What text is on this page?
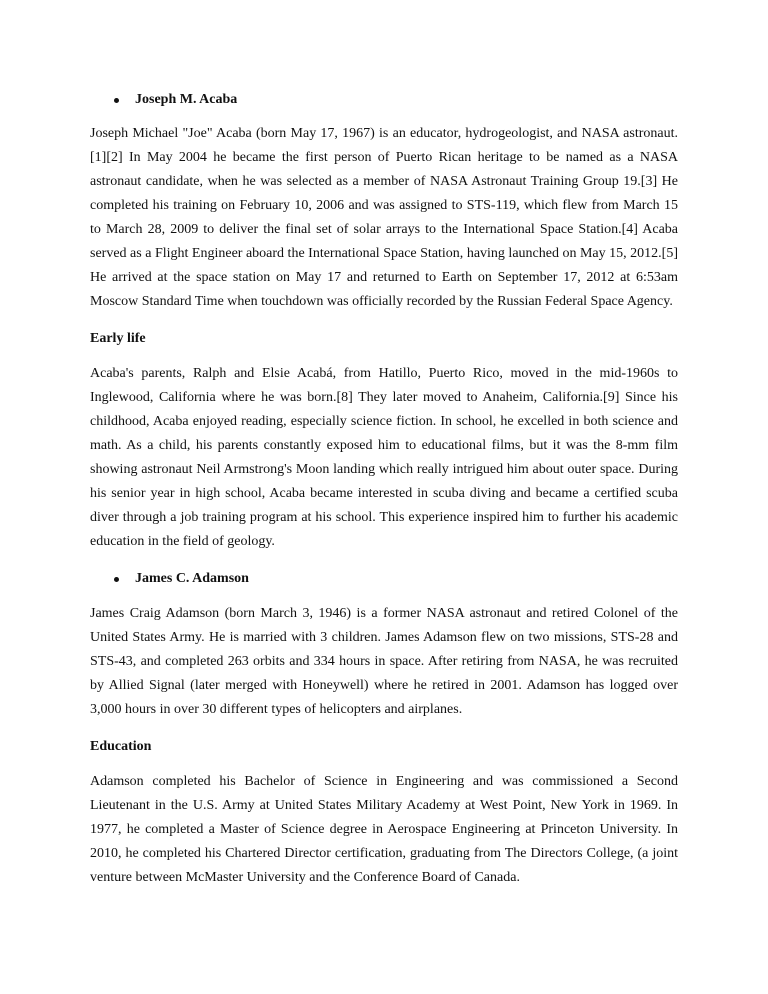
Joseph M. Acaba
Joseph Michael "Joe" Acaba (born May 17, 1967) is an educator, hydrogeologist, and NASA astronaut.[1][2] In May 2004 he became the first person of Puerto Rican heritage to be named as a NASA astronaut candidate, when he was selected as a member of NASA Astronaut Training Group 19.[3] He completed his training on February 10, 2006 and was assigned to STS-119, which flew from March 15 to March 28, 2009 to deliver the final set of solar arrays to the International Space Station.[4] Acaba served as a Flight Engineer aboard the International Space Station, having launched on May 15, 2012.[5] He arrived at the space station on May 17 and returned to Earth on September 17, 2012 at 6:53am Moscow Standard Time when touchdown was officially recorded by the Russian Federal Space Agency.
Early life
Acaba's parents, Ralph and Elsie Acabá, from Hatillo, Puerto Rico, moved in the mid-1960s to Inglewood, California where he was born.[8] They later moved to Anaheim, California.[9] Since his childhood, Acaba enjoyed reading, especially science fiction. In school, he excelled in both science and math. As a child, his parents constantly exposed him to educational films, but it was the 8-mm film showing astronaut Neil Armstrong's Moon landing which really intrigued him about outer space. During his senior year in high school, Acaba became interested in scuba diving and became a certified scuba diver through a job training program at his school. This experience inspired him to further his academic education in the field of geology.
James C. Adamson
James Craig Adamson (born March 3, 1946) is a former NASA astronaut and retired Colonel of the United States Army. He is married with 3 children. James Adamson flew on two missions, STS-28 and STS-43, and completed 263 orbits and 334 hours in space. After retiring from NASA, he was recruited by Allied Signal (later merged with Honeywell) where he retired in 2001. Adamson has logged over 3,000 hours in over 30 different types of helicopters and airplanes.
Education
Adamson completed his Bachelor of Science in Engineering and was commissioned a Second Lieutenant in the U.S. Army at United States Military Academy at West Point, New York in 1969. In 1977, he completed a Master of Science degree in Aerospace Engineering at Princeton University. In 2010, he completed his Chartered Director certification, graduating from The Directors College, (a joint venture between McMaster University and the Conference Board of Canada.
